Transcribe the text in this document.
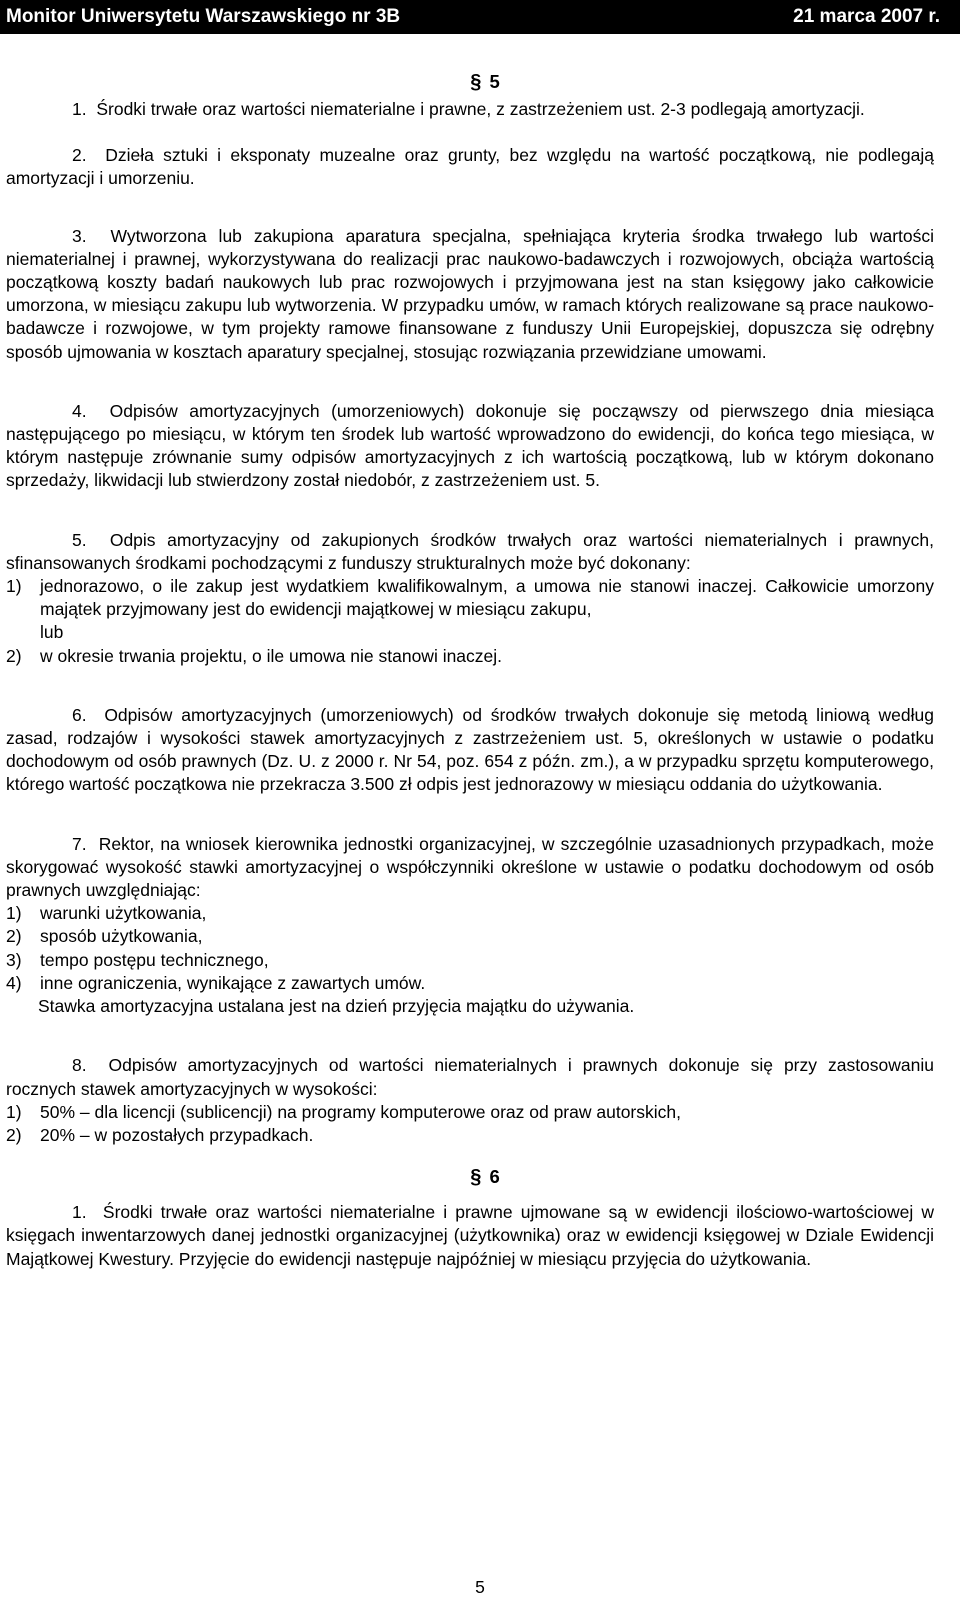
Monitor Uniwersytetu Warszawskiego nr 3B	21 marca 2007 r.
§ 5

1. Środki trwałe oraz wartości niematerialne i prawne, z zastrzeżeniem ust. 2-3 podlegają amortyzacji.

2. Dzieła sztuki i eksponaty muzealne oraz grunty, bez względu na wartość początkową, nie podlegają amortyzacji i umorzeniu.

3. Wytworzona lub zakupiona aparatura specjalna, spełniająca kryteria środka trwałego lub wartości niematerialnej i prawnej, wykorzystywana do realizacji prac naukowo-badawczych i rozwojowych, obciąża wartością początkową koszty badań naukowych lub prac rozwojowych i przyjmowana jest na stan księgowy jako całkowicie umorzona, w miesiącu zakupu lub wytworzenia. W przypadku umów, w ramach których realizowane są prace naukowo-badawcze i rozwojowe, w tym projekty ramowe finansowane z funduszy Unii Europejskiej, dopuszcza się odrębny sposób ujmowania w kosztach aparatury specjalnej, stosując rozwiązania przewidziane umowami.

4. Odpisów amortyzacyjnych (umorzeniowych) dokonuje się począwszy od pierwszego dnia miesiąca następującego po miesiącu, w którym ten środek lub wartość wprowadzono do ewidencji, do końca tego miesiąca, w którym następuje zrównanie sumy odpisów amortyzacyjnych z ich wartością początkową, lub w którym dokonano sprzedaży, likwidacji lub stwierdzony został niedobór, z zastrzeżeniem ust. 5.

5. Odpis amortyzacyjny od zakupionych środków trwałych oraz wartości niematerialnych i prawnych, sfinansowanych środkami pochodzącymi z funduszy strukturalnych może być dokonany:

1) jednorazowo, o ile zakup jest wydatkiem kwalifikowalnym, a umowa nie stanowi inaczej. Całkowicie umorzony majątek przyjmowany jest do ewidencji majątkowej w miesiącu zakupu,
lub
2) w okresie trwania projektu, o ile umowa nie stanowi inaczej.

6. Odpisów amortyzacyjnych (umorzeniowych) od środków trwałych dokonuje się metodą liniową według zasad, rodzajów i wysokości stawek amortyzacyjnych z zastrzeżeniem ust. 5, określonych w ustawie o podatku dochodowym od osób prawnych (Dz. U. z 2000 r. Nr 54, poz. 654 z późn. zm.), a w przypadku sprzętu komputerowego, którego wartość początkowa nie przekracza 3.500 zł odpis jest jednorazowy w miesiącu oddania do użytkowania.

7. Rektor, na wniosek kierownika jednostki organizacyjnej, w szczególnie uzasadnionych przypadkach, może skorygować wysokość stawki amortyzacyjnej o współczynniki określone w ustawie o podatku dochodowym od osób prawnych uwzględniając:

1) warunki użytkowania,
2) sposób użytkowania,
3) tempo postępu technicznego,
4) inne ograniczenia, wynikające z zawartych umów.
Stawka amortyzacyjna ustalana jest na dzień przyjęcia majątku do używania.

8. Odpisów amortyzacyjnych od wartości niematerialnych i prawnych dokonuje się przy zastosowaniu rocznych stawek amortyzacyjnych w wysokości:

1) 50% – dla licencji (sublicencji) na programy komputerowe oraz od praw autorskich,
2) 20% – w pozostałych przypadkach.
§ 6

1. Środki trwałe oraz wartości niematerialne i prawne ujmowane są w ewidencji ilościowo-wartościowej w księgach inwentarzowych danej jednostki organizacyjnej (użytkownika) oraz w ewidencji księgowej w Dziale Ewidencji Majątkowej Kwestury. Przyjęcie do ewidencji następuje najpóźniej w miesiącu przyjęcia do użytkowania.

5
